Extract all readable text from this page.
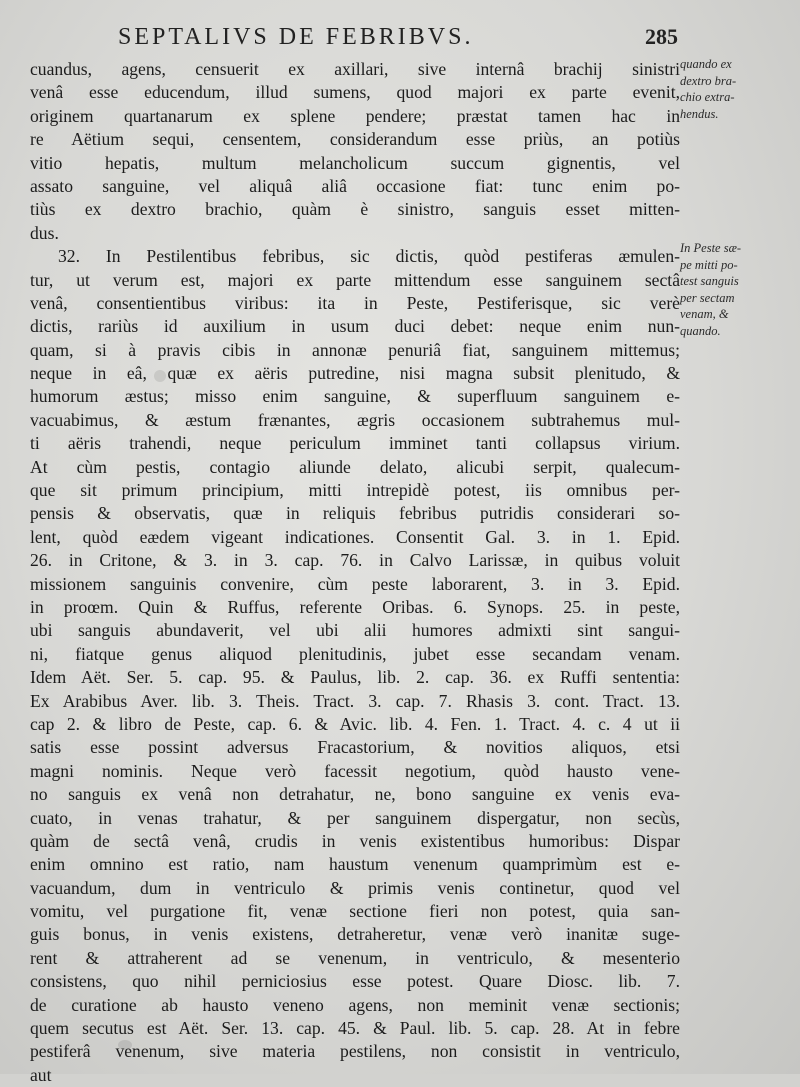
SEPTALIVS DE FEBRIBVS.	285
cuandus, agens, censuerit ex axillari, sive internâ brachij sinistri
venâ esse educendum, illud sumens, quod majori ex parte evenit,
originem quartanarum ex splene pendere; præstat tamen hac in
re Aëtium sequi, censentem, considerandum esse priùs, an potiùs
vitio hepatis, multum melancholicum succum gignentis, vel
assato sanguine, vel aliquâ aliâ occasione fiat: tunc enim po-
tiùs ex dextro brachio, quàm è sinistro, sanguis esset mitten-
dus.
32. In Pestilentibus febribus, sic dictis, quòd pestiferas æmulen-
tur, ut verum est, majori ex parte mittendum esse sanguinem sectâ
venâ, consentientibus viribus: ita in Peste, Pestiferisque, sic verè
dictis, rariùs id auxilium in usum duci debet: neque enim nun-
quam, si à pravis cibis in annonæ penuriâ fiat, sanguinem mittemus;
neque in eâ, quæ ex aëris putredine, nisi magna subsit plenitudo, &
humorum æstus; misso enim sanguine, & superfluum sanguinem e-
vacuabimus, & æstum frænantes, ægris occasionem subtrahemus mul-
ti aëris trahendi, neque periculum imminet tanti collapsus virium.
At cùm pestis, contagio aliunde delato, alicubi serpit, qualecum-
que sit primum principium, mitti intrepidè potest, iis omnibus per-
pensis & observatis, quæ in reliquis febribus putridis considerari so-
lent, quòd eædem vigeant indicationes. Consentit Gal. 3. in 1. Epid.
26. in Critone, & 3. in 3. cap. 76. in Calvo Larissæ, in quibus voluit
missionem sanguinis convenire, cùm peste laborarent, 3. in 3. Epid.
in proœm. Quin & Ruffus, referente Oribas. 6. Synops. 25. in peste,
ubi sanguis abundaverit, vel ubi alii humores admixti sint sangui-
ni, fiatque genus aliquod plenitudinis, jubet esse secandam venam.
Idem Aët. Ser. 5. cap. 95. & Paulus, lib. 2. cap. 36. ex Ruffi sententia:
Ex Arabibus Aver. lib. 3. Theis. Tract. 3. cap. 7. Rhasis 3. cont. Tract. 13.
cap 2. & libro de Peste, cap. 6. & Avic. lib. 4. Fen. 1. Tract. 4. c. 4 ut ii
satis esse possint adversus Fracastorium, & novitios aliquos, etsi
magni nominis. Neque verò facessit negotium, quòd hausto vene-
no sanguis ex venâ non detrahatur, ne, bono sanguine ex venis eva-
cuato, in venas trahatur, & per sanguinem dispergatur, non secùs,
quàm de sectâ venâ, crudis in venis existentibus humoribus: Dispar
enim omnino est ratio, nam haustum venenum quamprimùm est e-
vacuandum, dum in ventriculo & primis venis continetur, quod vel
vomitu, vel purgatione fit, venæ sectione fieri non potest, quia san-
guis bonus, in venis existens, detraheretur, venæ verò inanitæ suge-
rent & attraherent ad se venenum, in ventriculo, & mesenterio
consistens, quo nihil perniciosius esse potest. Quare Diosc. lib. 7.
de curatione ab hausto veneno agens, non meminit venæ sectionis;
quem secutus est Aët. Ser. 13. cap. 45. & Paul. lib. 5. cap. 28. At in febre
pestiferâ venenum, sive materia pestilens, non consistit in ventriculo,
aut
quando ex
dextro bra-
chio extra-
hendus.
In Peste sæ-
pe mitti po-
test sanguis
per sectam
venam, &
quando.
